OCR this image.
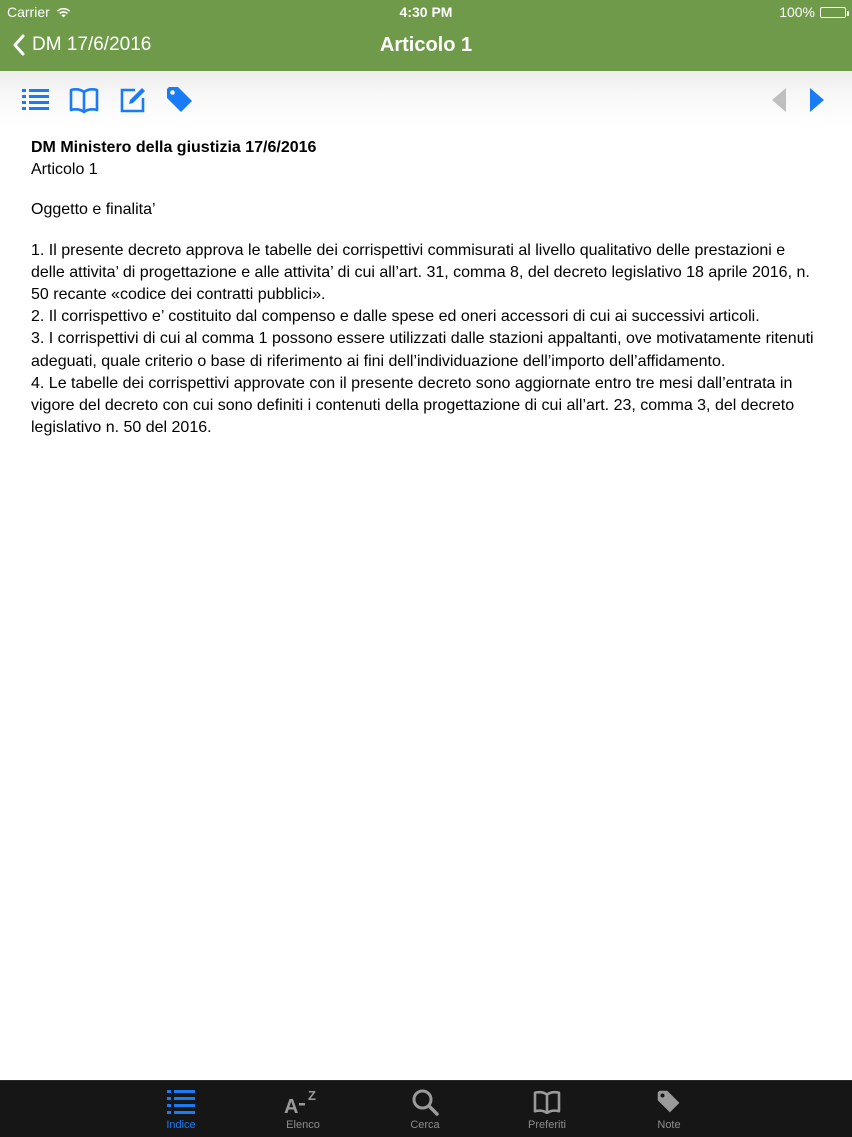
Carrier	4:30 PM	100%
DM 17/6/2016	Articolo 1
DM Ministero della giustizia 17/6/2016
Articolo 1
Oggetto e finalita’

1. Il presente decreto approva le tabelle dei corrispettivi commisurati al livello qualitativo delle prestazioni e delle attivita’ di progettazione e alle attivita’ di cui all’art. 31, comma 8, del decreto legislativo 18 aprile 2016, n. 50 recante «codice dei contratti pubblici».

2. Il corrispettivo e’ costituito dal compenso e dalle spese ed oneri accessori di cui ai successivi articoli.

3. I corrispettivi di cui al comma 1 possono essere utilizzati dalle stazioni appaltanti, ove motivatamente ritenuti adeguati, quale criterio o base di riferimento ai fini dell’individuazione dell’importo dell’affidamento.

4. Le tabelle dei corrispettivi approvate con il presente decreto sono aggiornate entro tre mesi dall’entrata in vigore del decreto con cui sono definiti i contenuti della progettazione di cui all’art. 23, comma 3, del decreto legislativo n. 50 del 2016.

Indice
A
Z
Elenco	Cerca	Preferiti	Note
